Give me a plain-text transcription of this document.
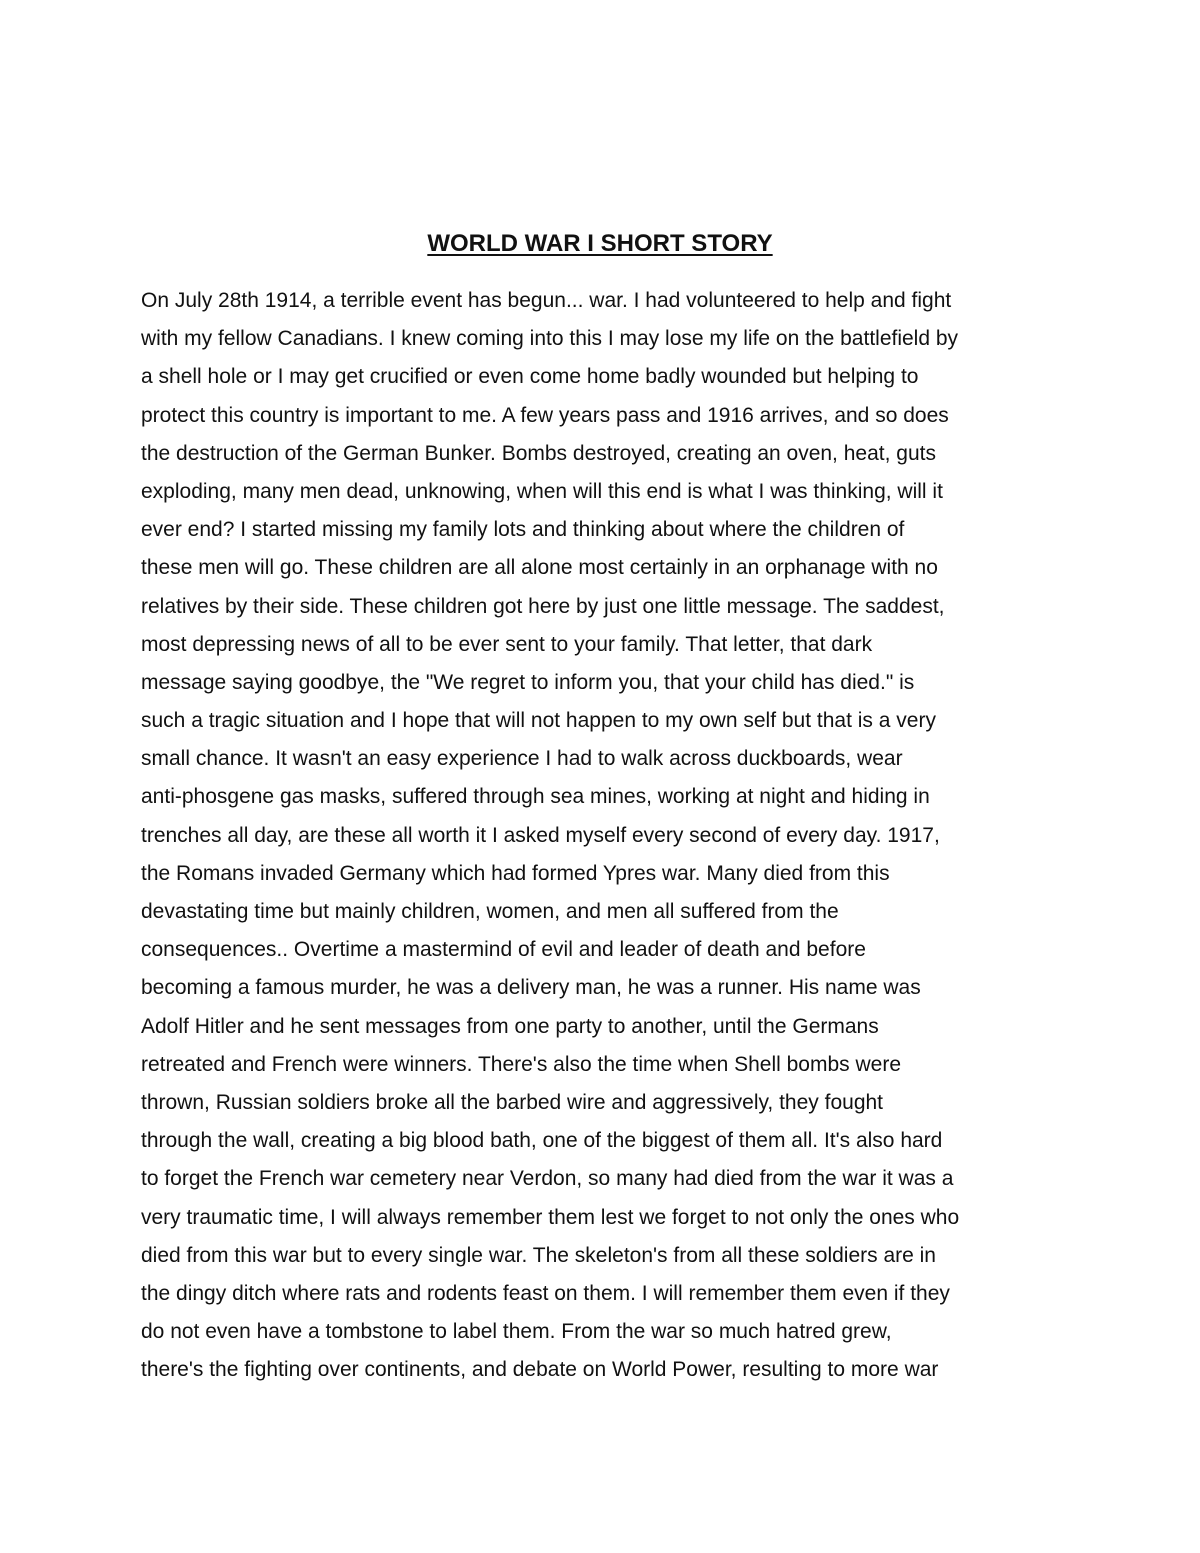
WORLD WAR I SHORT STORY
On July 28th 1914, a terrible event has begun... war. I had volunteered to help and fight
with my fellow Canadians. I knew coming into this I may lose my life on the battlefield by
a shell hole or I may get crucified or even come home badly wounded but helping to
protect this country is important to me. A few years pass and 1916 arrives, and so does
the destruction of the German Bunker. Bombs destroyed, creating an oven, heat, guts
exploding, many men dead, unknowing, when will this end is what I was thinking, will it
ever end? I started missing my family lots and thinking about where the children of
these men will go. These children are all alone most certainly in an orphanage with no
relatives by their side. These children got here by just one little message. The saddest,
most depressing news of all to be ever sent to your family. That letter, that dark
message saying goodbye, the "We regret to inform you, that your child has died." is
such a tragic situation and I hope that will not happen to my own self but that is a very
small chance. It wasn't an easy experience I had to walk across duckboards, wear
anti-phosgene gas masks, suffered through sea mines, working at night and hiding in
trenches all day, are these all worth it I asked myself every second of every day. 1917,
the Romans invaded Germany which had formed Ypres war. Many died from this
devastating time but mainly children, women, and men all suffered from the
consequences.. Overtime a mastermind of evil and leader of death and before
becoming a famous murder, he was a delivery man, he was a runner. His name was
Adolf Hitler and he sent messages from one party to another, until the Germans
retreated and French were winners. There's also the time when Shell bombs were
thrown, Russian soldiers broke all the barbed wire and aggressively, they fought
through the wall, creating a big blood bath, one of the biggest of them all. It's also hard
to forget the French war cemetery near Verdon, so many had died from the war it was a
very traumatic time, I will always remember them lest we forget to not only the ones who
died from this war but to every single war. The skeleton's from all these soldiers are in
the dingy ditch where rats and rodents feast on them. I will remember them even if they
do not even have a tombstone to label them. From the war so much hatred grew,
there's the fighting over continents, and debate on World Power, resulting to more war
